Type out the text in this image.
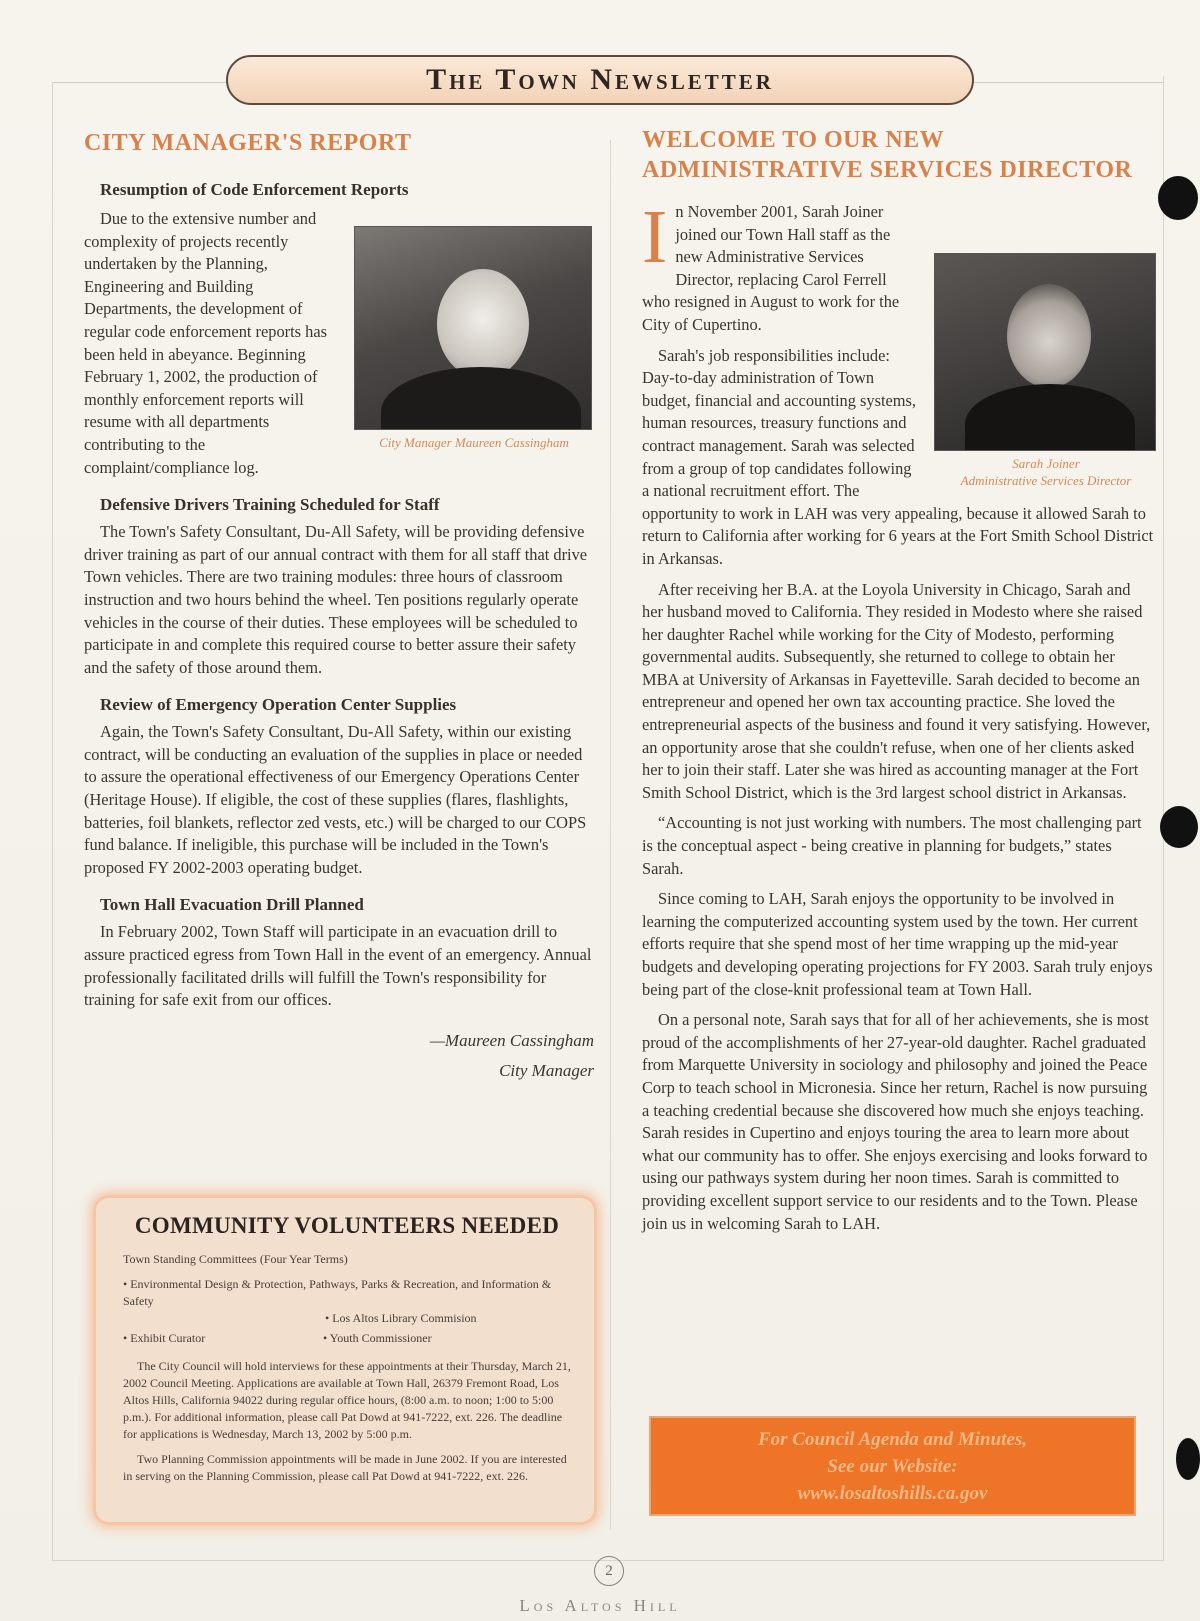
The Town Newsletter
CITY MANAGER'S REPORT
Resumption of Code Enforcement Reports
City Manager Maureen Cassingham

Due to the extensive number and complexity of projects recently undertaken by the Planning, Engineering and Building Departments, the development of regular code enforcement reports has been held in abeyance. Beginning February 1, 2002, the production of monthly enforcement reports will resume with all departments contributing to the complaint/compliance log.

Defensive Drivers Training Scheduled for Staff

The Town's Safety Consultant, Du-All Safety, will be providing defensive driver training as part of our annual contract with them for all staff that drive Town vehicles. There are two training modules: three hours of classroom instruction and two hours behind the wheel. Ten positions regularly operate vehicles in the course of their duties. These employees will be scheduled to participate in and complete this required course to better assure their safety and the safety of those around them.

Review of Emergency Operation Center Supplies

Again, the Town's Safety Consultant, Du-All Safety, within our existing contract, will be conducting an evaluation of the supplies in place or needed to assure the operational effectiveness of our Emergency Operations Center (Heritage House). If eligible, the cost of these supplies (flares, flashlights, batteries, foil blankets, reflector zed vests, etc.) will be charged to our COPS fund balance. If ineligible, this purchase will be included in the Town's proposed FY 2002-2003 operating budget.

Town Hall Evacuation Drill Planned

In February 2002, Town Staff will participate in an evacuation drill to assure practiced egress from Town Hall in the event of an emergency. Annual professionally facilitated drills will fulfill the Town's responsibility for training for safe exit from our offices.

—Maureen Cassingham
City Manager
COMMUNITY VOLUNTEERS NEEDED
Town Standing Committees (Four Year Terms)
• Environmental Design & Protection, Pathways, Parks & Recreation, and Information & Safety
• Los Altos Library Commision
• Exhibit Curator	• Youth Commissioner

The City Council will hold interviews for these appointments at their Thursday, March 21, 2002 Council Meeting. Applications are available at Town Hall, 26379 Fremont Road, Los Altos Hills, California 94022 during regular office hours, (8:00 a.m. to noon; 1:00 to 5:00 p.m.). For additional information, please call Pat Dowd at 941-7222, ext. 226. The deadline for applications is Wednesday, March 13, 2002 by 5:00 p.m.

Two Planning Commission appointments will be made in June 2002. If you are interested in serving on the Planning Commission, please call Pat Dowd at 941-7222, ext. 226.

WELCOME TO OUR NEW
ADMINISTRATIVE SERVICES DIRECTOR
Sarah Joiner
Administrative Services Director
I n November 2001, Sarah Joiner joined our Town Hall staff as the new Administrative Services Director, replacing Carol Ferrell who resigned in August to work for the City of Cupertino.

Sarah's job responsibilities include: Day-to-day administration of Town budget, financial and accounting systems, human resources, treasury functions and contract management. Sarah was selected from a group of top candidates following a national recruitment effort. The opportunity to work in LAH was very appealing, because it allowed Sarah to return to California after working for 6 years at the Fort Smith School District in Arkansas.

After receiving her B.A. at the Loyola University in Chicago, Sarah and her husband moved to California. They resided in Modesto where she raised her daughter Rachel while working for the City of Modesto, performing governmental audits. Subsequently, she returned to college to obtain her MBA at University of Arkansas in Fayetteville. Sarah decided to become an entrepreneur and opened her own tax accounting practice. She loved the entrepreneurial aspects of the business and found it very satisfying. However, an opportunity arose that she couldn't refuse, when one of her clients asked her to join their staff. Later she was hired as accounting manager at the Fort Smith School District, which is the 3rd largest school district in Arkansas.

“Accounting is not just working with numbers. The most challenging part is the conceptual aspect - being creative in planning for budgets,” states Sarah.

Since coming to LAH, Sarah enjoys the opportunity to be involved in learning the computerized accounting system used by the town. Her current efforts require that she spend most of her time wrapping up the mid-year budgets and developing operating projections for FY 2003. Sarah truly enjoys being part of the close-knit professional team at Town Hall.

On a personal note, Sarah says that for all of her achievements, she is most proud of the accomplishments of her 27-year-old daughter. Rachel graduated from Marquette University in sociology and philosophy and joined the Peace Corp to teach school in Micronesia. Since her return, Rachel is now pursuing a teaching credential because she discovered how much she enjoys teaching. Sarah resides in Cupertino and enjoys touring the area to learn more about what our community has to offer. She enjoys exercising and looks forward to using our pathways system during her noon times. Sarah is committed to providing excellent support service to our residents and to the Town. Please join us in welcoming Sarah to LAH.

For Council Agenda and Minutes,
See our Website:
www.losaltoshills.ca.gov
2
Los Altos Hill
